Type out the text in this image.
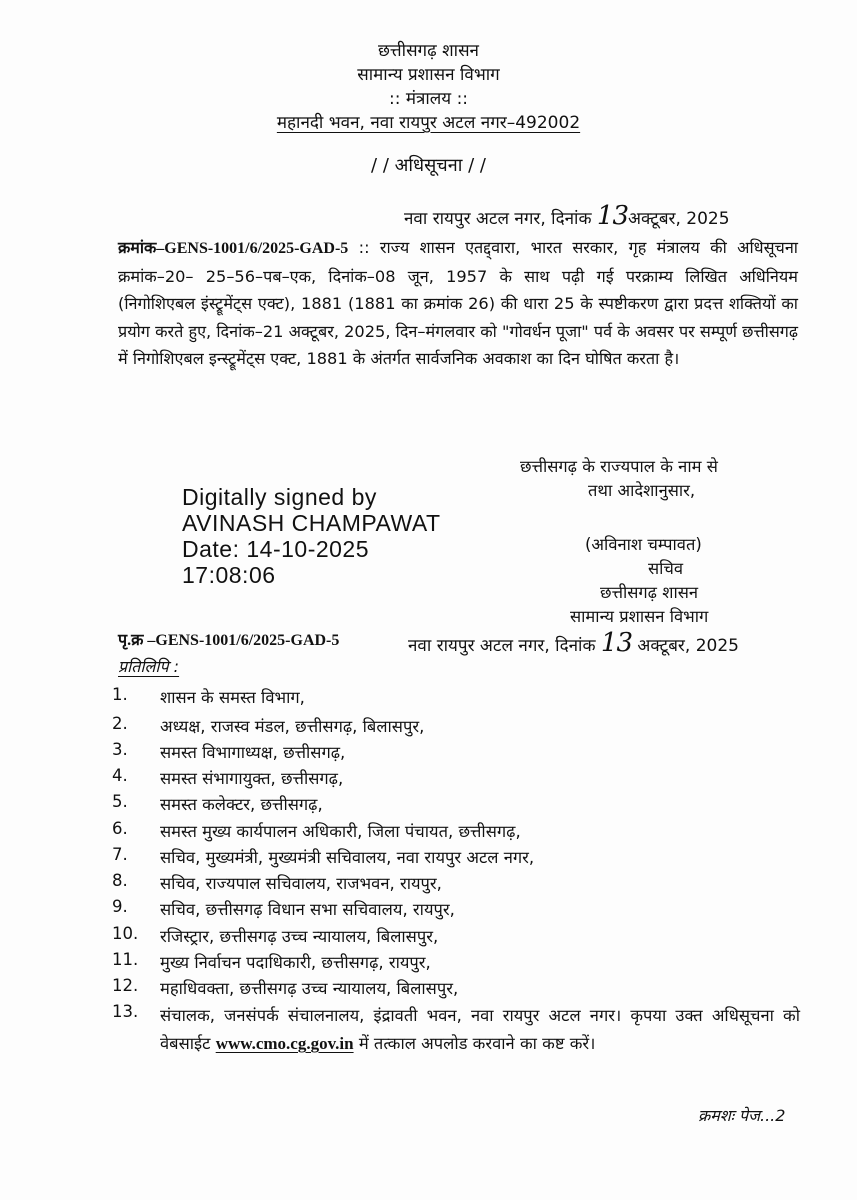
छत्तीसगढ़ शासन
सामान्य प्रशासन विभाग
:: मंत्रालय ::
महानदी भवन, नवा रायपुर अटल नगर–492002
/ / अधिसूचना / /
नवा रायपुर अटल नगर, दिनांक 13अक्टूबर, 2025
क्रमांक–GENS-1001/6/2025-GAD-5 :: राज्य शासन एतद्द्वारा, भारत सरकार, गृह मंत्रालय की अधिसूचना क्रमांक–20– 25–56–पब–एक, दिनांक–08 जून, 1957 के साथ पढ़ी गई परक्राम्य लिखित अधिनियम (निगोशिएबल इंस्ट्रूमेंट्स एक्ट), 1881 (1881 का क्रमांक 26) की धारा 25 के स्पष्टीकरण द्वारा प्रदत्त शक्तियों का प्रयोग करते हुए, दिनांक–21 अक्टूबर, 2025, दिन–मंगलवार को "गोवर्धन पूजा" पर्व के अवसर पर सम्पूर्ण छत्तीसगढ़ में निगोशिएबल इन्स्ट्रूमेंट्स एक्ट, 1881 के अंतर्गत सार्वजनिक अवकाश का दिन घोषित करता है।
छत्तीसगढ़ के राज्यपाल के नाम से
तथा आदेशानुसार,
Digitally signed by
AVINASH CHAMPAWAT
Date: 14-10-2025
17:08:06
(अविनाश चम्पावत)
सचिव
छत्तीसगढ़ शासन
सामान्य प्रशासन विभाग
पृ.क्र –GENS-1001/6/2025-GAD-5	नवा रायपुर अटल नगर, दिनांक 13 अक्टूबर, 2025
प्रतिलिपि :
1.	शासन के समस्त विभाग,
2.	अध्यक्ष, राजस्व मंडल, छत्तीसगढ़, बिलासपुर,
3.	समस्त विभागाध्यक्ष, छत्तीसगढ़,
4.	समस्त संभागायुक्त, छत्तीसगढ़,
5.	समस्त कलेक्टर, छत्तीसगढ़,
6.	समस्त मुख्य कार्यपालन अधिकारी, जिला पंचायत, छत्तीसगढ़,
7.	सचिव, मुख्यमंत्री, मुख्यमंत्री सचिवालय, नवा रायपुर अटल नगर,
8.	सचिव, राज्यपाल सचिवालय, राजभवन, रायपुर,
9.	सचिव, छत्तीसगढ़ विधान सभा सचिवालय, रायपुर,
10.	रजिस्ट्रार, छत्तीसगढ़ उच्च न्यायालय, बिलासपुर,
11.	मुख्य निर्वाचन पदाधिकारी, छत्तीसगढ़, रायपुर,
12.	महाधिवक्ता, छत्तीसगढ़ उच्च न्यायालय, बिलासपुर,
13.	संचालक, जनसंपर्क संचालनालय, इंद्रावती भवन, नवा रायपुर अटल नगर। कृपया उक्त अधिसूचना को वेबसाईट www.cmo.cg.gov.in में तत्काल अपलोड करवाने का कष्ट करें।
क्रमशः पेज...2
